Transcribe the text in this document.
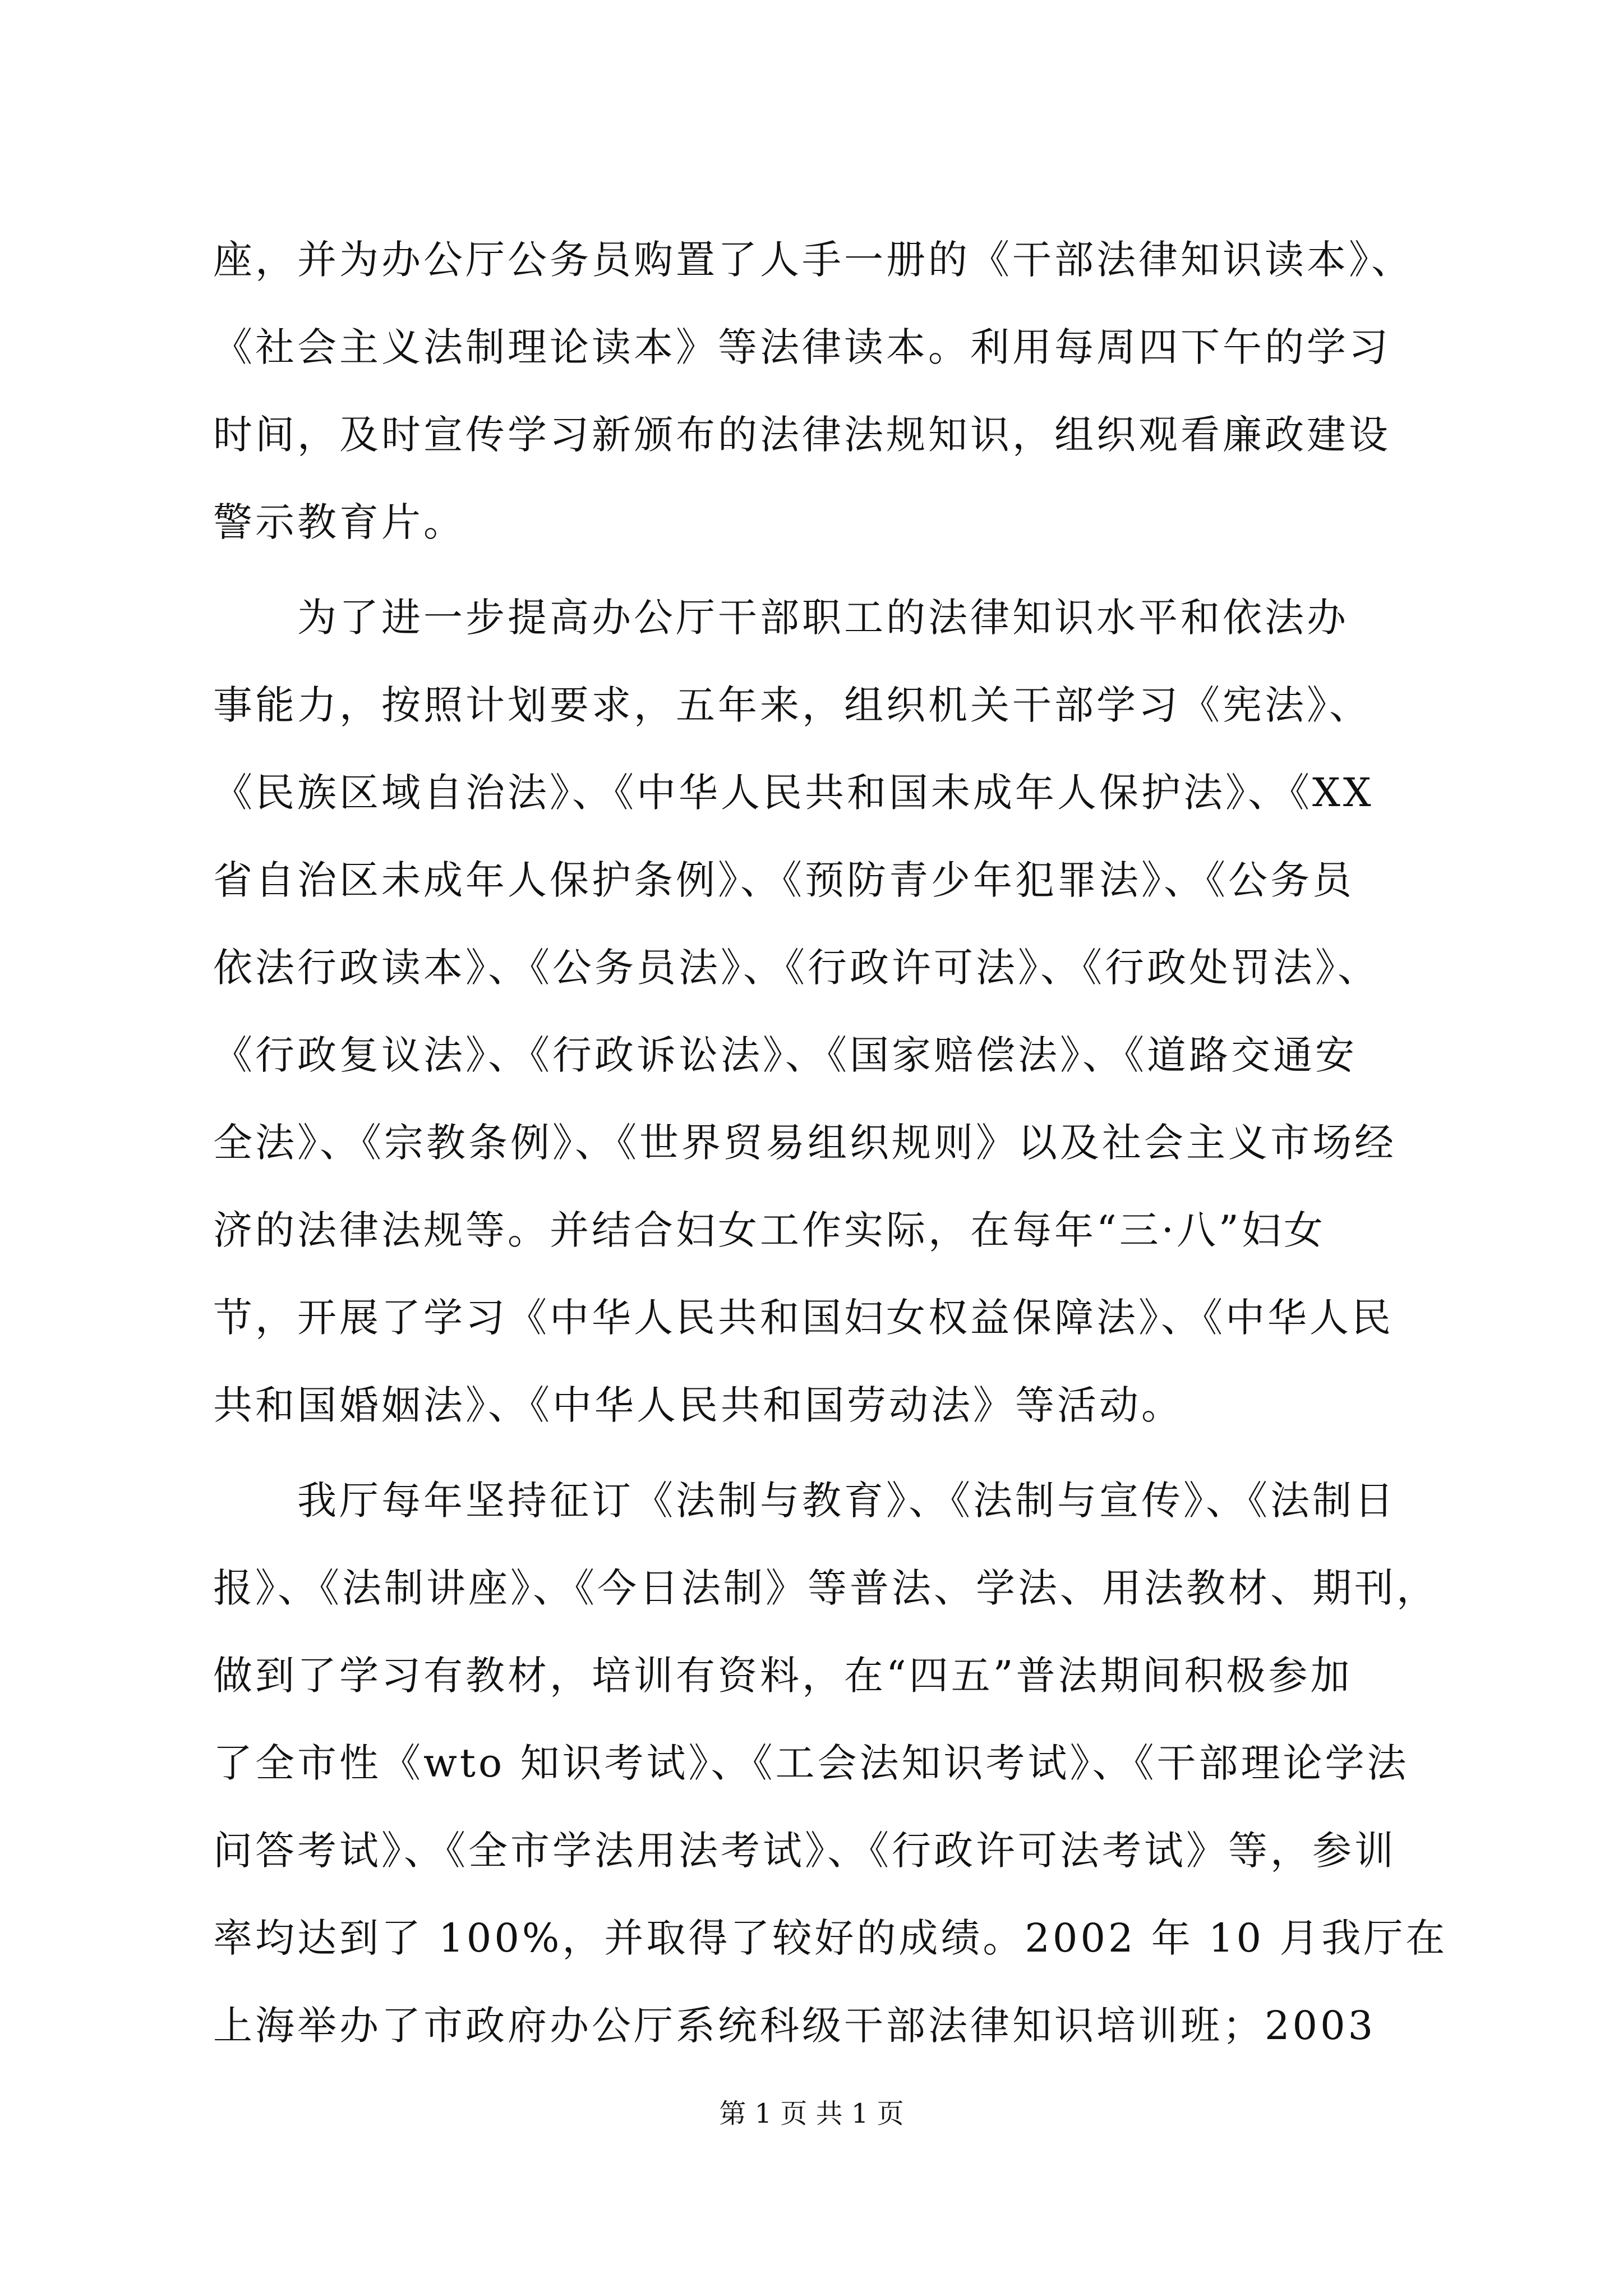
座，并为办公厅公务员购置了人手一册的《干部法律知识读本》、
《社会主义法制理论读本》等法律读本。利用每周四下午的学习
时间，及时宣传学习新颁布的法律法规知识，组织观看廉政建设
警示教育片。
　　为了进一步提高办公厅干部职工的法律知识水平和依法办
事能力，按照计划要求，五年来，组织机关干部学习《宪法》、
《民族区域自治法》、《中华人民共和国未成年人保护法》、《XX
省自治区未成年人保护条例》、《预防青少年犯罪法》、《公务员
依法行政读本》、《公务员法》、《行政许可法》、《行政处罚法》、
《行政复议法》、《行政诉讼法》、《国家赔偿法》、《道路交通安
全法》、《宗教条例》、《世界贸易组织规则》以及社会主义市场经
济的法律法规等。并结合妇女工作实际，在每年“三·八”妇女
节，开展了学习《中华人民共和国妇女权益保障法》、《中华人民
共和国婚姻法》、《中华人民共和国劳动法》等活动。
　　我厅每年坚持征订《法制与教育》、《法制与宣传》、《法制日
报》、《法制讲座》、《今日法制》等普法、学法、用法教材、期刊，
做到了学习有教材，培训有资料，在“四五”普法期间积极参加
了全市性《wto 知识考试》、《工会法知识考试》、《干部理论学法
问答考试》、《全市学法用法考试》、《行政许可法考试》等，参训
率均达到了 100%，并取得了较好的成绩。2002 年 10 月我厅在
上海举办了市政府办公厅系统科级干部法律知识培训班；2003
第 1 页 共 1 页
